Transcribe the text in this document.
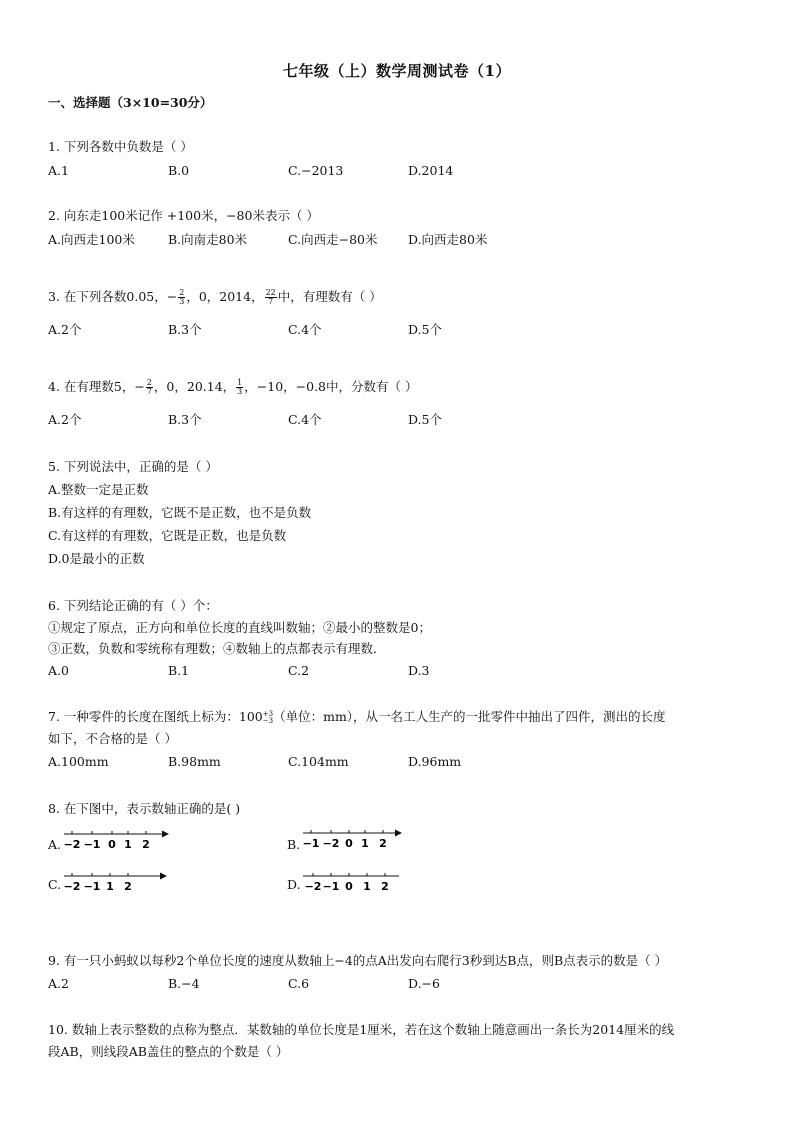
七年级（上）数学周测试卷（1）
一、选择题（3×10=30分）
1. 下列各数中负数是（ ）
A.1	B.0	C.−2013	D.2014
2. 向东走100米记作 +100米，−80米表示（ ）
A.向西走100米	B.向南走80米	C.向西走−80米 D.向西走80米
3. 在下列各数0.05，− $\frac{2}{3}$ ，0，2014， $\frac{22}{7}$ 中，有理数有（ ）
A.2个	B.3个	C.4个	D.5个
4. 在有理数5，− $\frac{2}{7}$ ，0，20.14， $\frac{1}{3}$ ，−10，−0.8中，分数有（ ）
A.2个	B.3个	C.4个	D.5个
5. 下列说法中，正确的是（ ）
A.整数一定是正数
B.有这样的有理数，它既不是正数，也不是负数
C.有这样的有理数，它既是正数，也是负数
D.0是最小的正数
6. 下列结论正确的有（ ）个：
①规定了原点，正方向和单位长度的直线叫数轴；②最小的整数是0；
③正数，负数和零统称有理数；④数轴上的点都表示有理数．
A.0	B.1	C.2	D.3
7. 一种零件的长度在图纸上标为：100 +3
−3 （单位：mm），从一名工人生产的一批零件中抽出了四件，测出的长度
如下，不合格的是（ ）
A.100mm	B.98mm	C.104mm	D.96mm
8. 在下图中，表示数轴正确的是( )
A. −2 −1 0 1 2	B. −1 −2 0 1 2
C. −2 −1 1 2	D. −2 −1 0 1 2
9. 有一只小蚂蚁以每秒2个单位长度的速度从数轴上−4的点A出发向右爬行3秒到达B点，则B点表示的数是（ ）
A.2	B.−4	C.6	D.−6
10. 数轴上表示整数的点称为整点．某数轴的单位长度是1厘米，若在这个数轴上随意画出一条长为2014厘米的线
段AB，则线段AB盖住的整点的个数是（ ）
